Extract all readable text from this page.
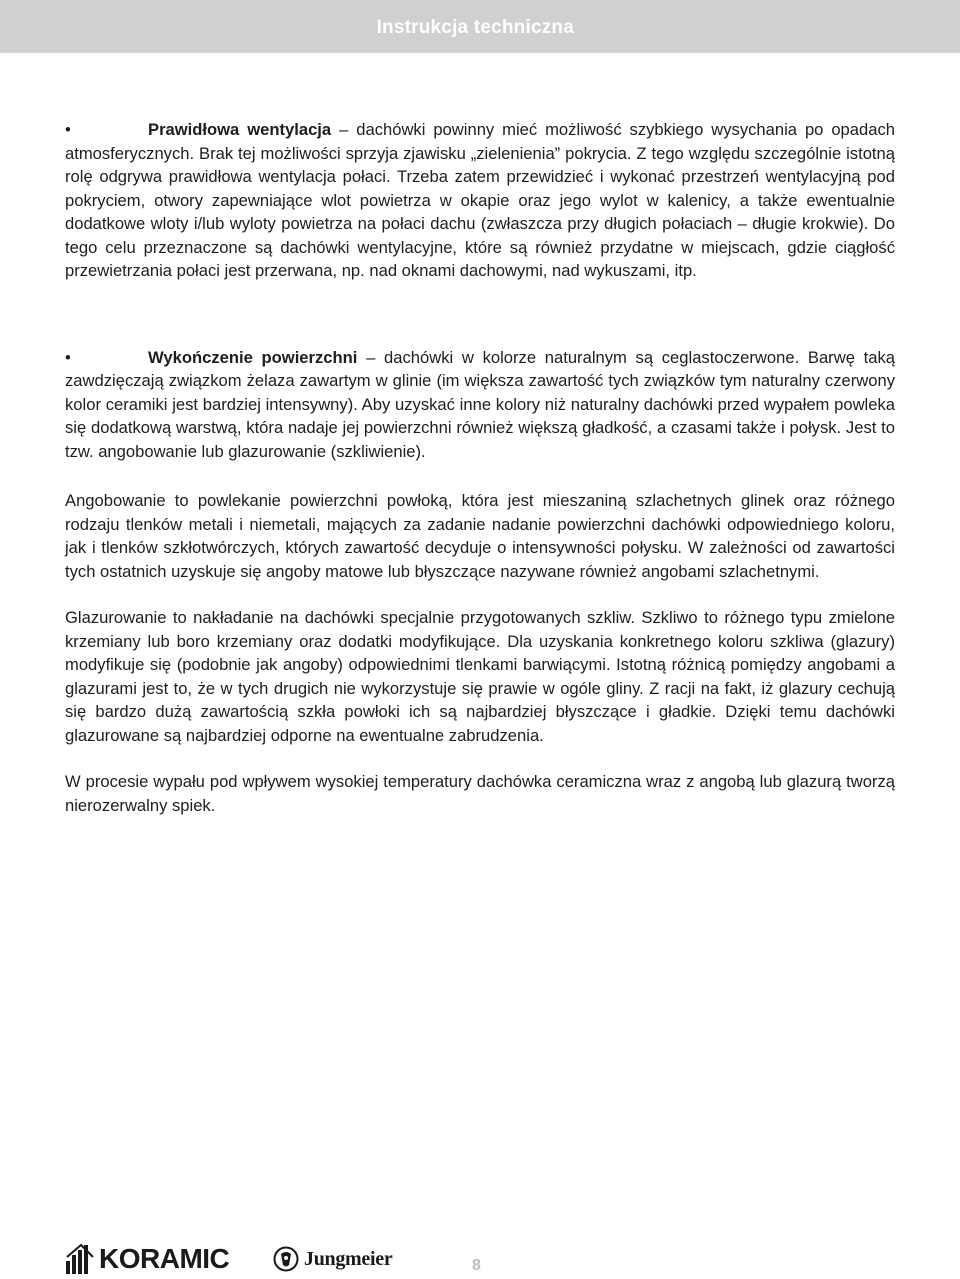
Instrukcja techniczna
•	Prawidłowa wentylacja – dachówki powinny mieć możliwość szybkiego wysychania po opadach atmosferycznych. Brak tej możliwości sprzyja zjawisku „zielenienia” pokrycia. Z tego względu szczególnie istotną rolę odgrywa prawidłowa wentylacja połaci. Trzeba zatem przewidzieć i wykonać przestrzeń wentylacyjną pod pokryciem, otwory zapewniające wlot powietrza w okapie oraz jego wylot w kalenicy, a także ewentualnie dodatkowe wloty i/lub wyloty powietrza na połaci dachu (zwłaszcza przy długich połaciach – długie krokwie). Do tego celu przeznaczone są dachówki wentylacyjne, które są również przydatne w miejscach, gdzie ciągłość przewietrzania połaci jest przerwana, np. nad oknami dachowymi, nad wykuszami, itp.

•	Wykończenie powierzchni – dachówki w kolorze naturalnym są ceglastoczerwone. Barwę taką zawdzięczają związkom żelaza zawartym w glinie (im większa zawartość tych związków tym naturalny czerwony kolor ceramiki jest bardziej intensywny). Aby uzyskać inne kolory niż naturalny dachówki przed wypałem powleka się dodatkową warstwą, która nadaje jej powierzchni również większą gładkość, a czasami także i połysk. Jest to tzw. angobowanie lub glazurowanie (szkliwienie).

Angobowanie to powlekanie powierzchni powłoką, która jest mieszaniną szlachetnych glinek oraz różnego rodzaju tlenków metali i niemetali, mających za zadanie nadanie powierzchni dachówki odpowiedniego koloru, jak i tlenków szkłotwórczych, których zawartość decyduje o intensywności połysku. W zależności od zawartości tych ostatnich uzyskuje się angoby matowe lub błyszczące nazywane również angobami szlachetnymi.

Glazurowanie to nakładanie na dachówki specjalnie przygotowanych szkliw. Szkliwo to różnego typu zmielone krzemiany lub boro krzemiany oraz dodatki modyfikujące. Dla uzyskania konkretnego koloru szkliwa (glazury) modyfikuje się (podobnie jak angoby) odpowiednimi tlenkami barwiącymi. Istotną różnicą pomiędzy angobami a glazurami jest to, że w tych drugich nie wykorzystuje się prawie w ogóle gliny. Z racji na fakt, iż glazury cechują się bardzo dużą zawartością szkła powłoki ich są najbardziej błyszczące i gładkie. Dzięki temu dachówki glazurowane są najbardziej odporne na ewentualne zabrudzenia.

W procesie wypału pod wpływem wysokiej temperatury dachówka ceramiczna wraz z angobą lub glazurą tworzą nierozerwalny spiek.

KORAMIC	Jungmeier	8
